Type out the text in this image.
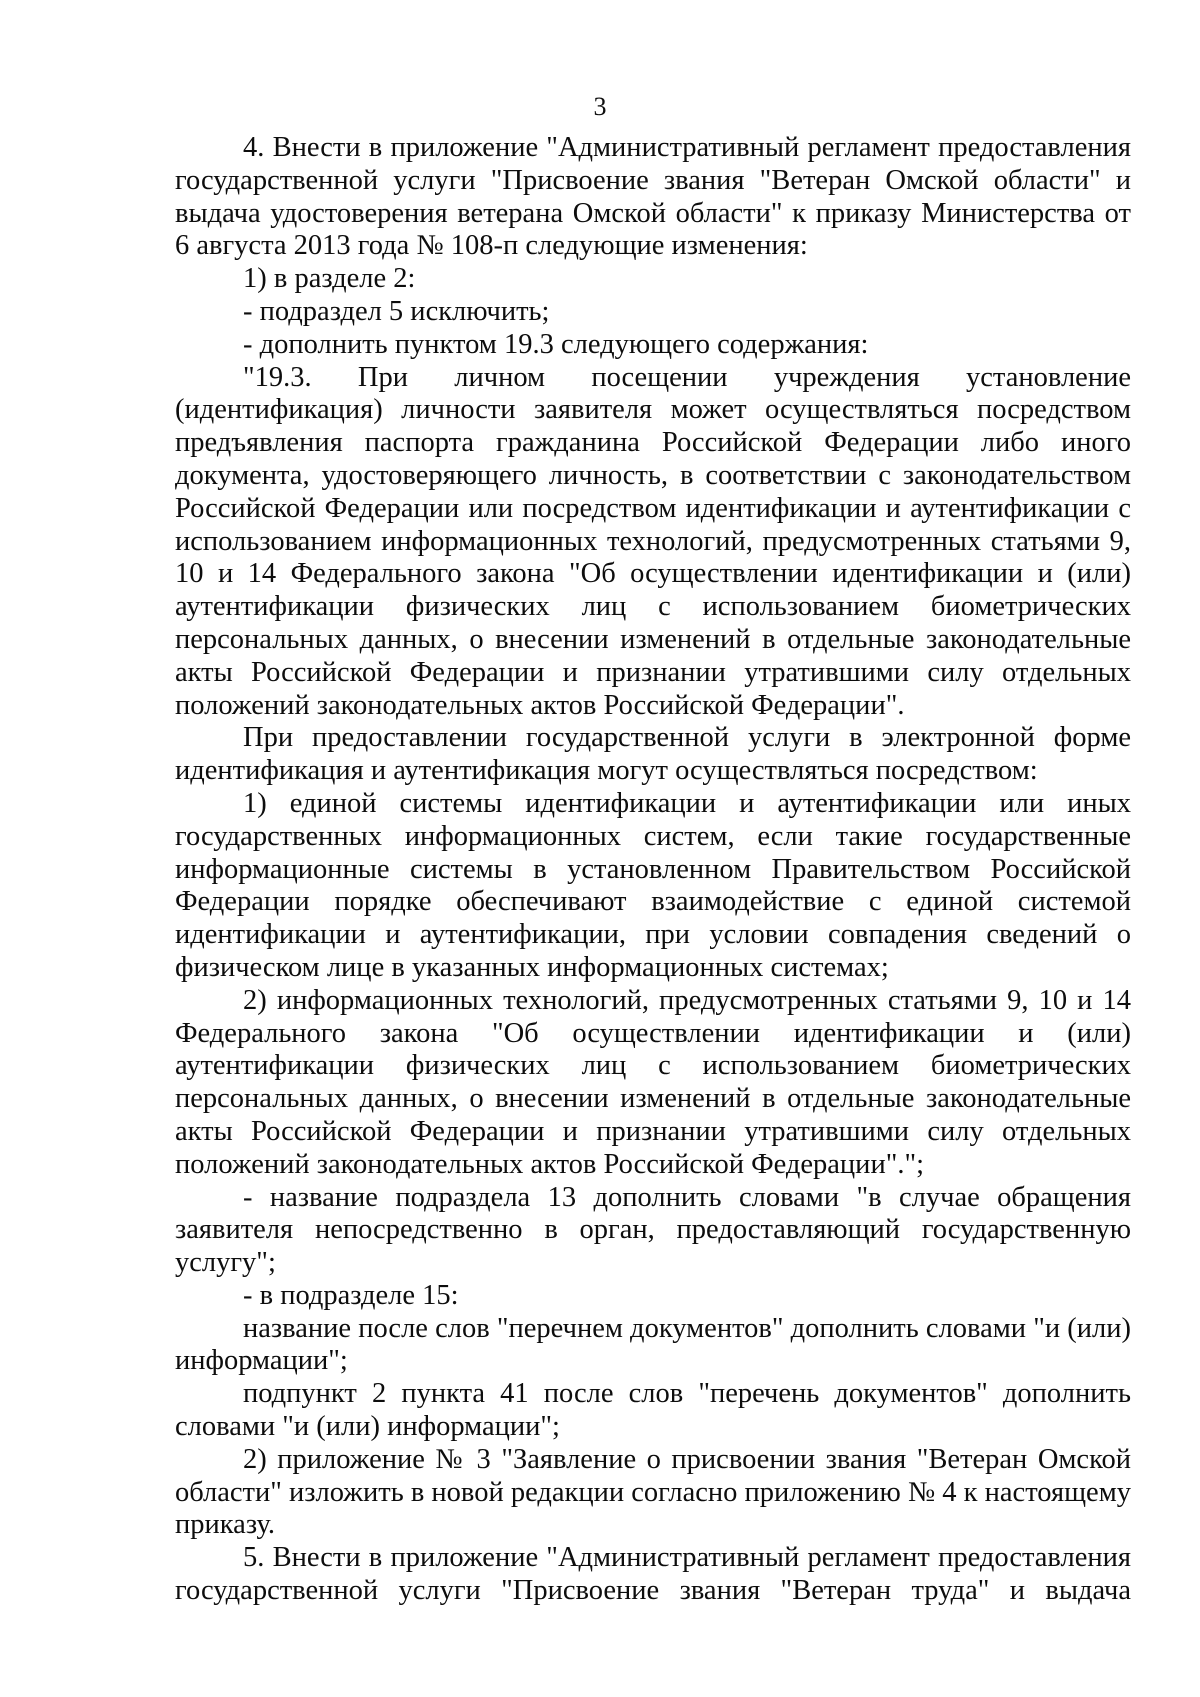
3

4. Внести в приложение "Административный регламент предоставления государственной услуги "Присвоение звания "Ветеран Омской области" и выдача удостоверения ветерана Омской области" к приказу Министерства от 6 августа 2013 года № 108-п следующие изменения:

1) в разделе 2:

- подраздел 5 исключить;

- дополнить пунктом 19.3 следующего содержания:

"19.3. При личном посещении учреждения установление (идентификация) личности заявителя может осуществляться посредством предъявления паспорта гражданина Российской Федерации либо иного документа, удостоверяющего личность, в соответствии с законодательством Российской Федерации или посредством идентификации и аутентификации с использованием информационных технологий, предусмотренных статьями 9, 10 и 14 Федерального закона "Об осуществлении идентификации и (или) аутентификации физических лиц с использованием биометрических персональных данных, о внесении изменений в отдельные законодательные акты Российской Федерации и признании утратившими силу отдельных положений законодательных актов Российской Федерации".

При предоставлении государственной услуги в электронной форме идентификация и аутентификация могут осуществляться посредством:

1) единой системы идентификации и аутентификации или иных государственных информационных систем, если такие государственные информационные системы в установленном Правительством Российской Федерации порядке обеспечивают взаимодействие с единой системой идентификации и аутентификации, при условии совпадения сведений о физическом лице в указанных информационных системах;

2) информационных технологий, предусмотренных статьями 9, 10 и 14 Федерального закона "Об осуществлении идентификации и (или) аутентификации физических лиц с использованием биометрических персональных данных, о внесении изменений в отдельные законодательные акты Российской Федерации и признании утратившими силу отдельных положений законодательных актов Российской Федерации".";

- название подраздела 13 дополнить словами "в случае обращения заявителя непосредственно в орган, предоставляющий государственную услугу";

- в подразделе 15:

название после слов "перечнем документов" дополнить словами "и (или) информации";

подпункт 2 пункта 41 после слов "перечень документов" дополнить словами "и (или) информации";

2) приложение № 3 "Заявление о присвоении звания "Ветеран Омской области" изложить в новой редакции согласно приложению № 4 к настоящему приказу.

5. Внести в приложение "Административный регламент предоставления государственной услуги "Присвоение звания "Ветеран труда" и выдача
